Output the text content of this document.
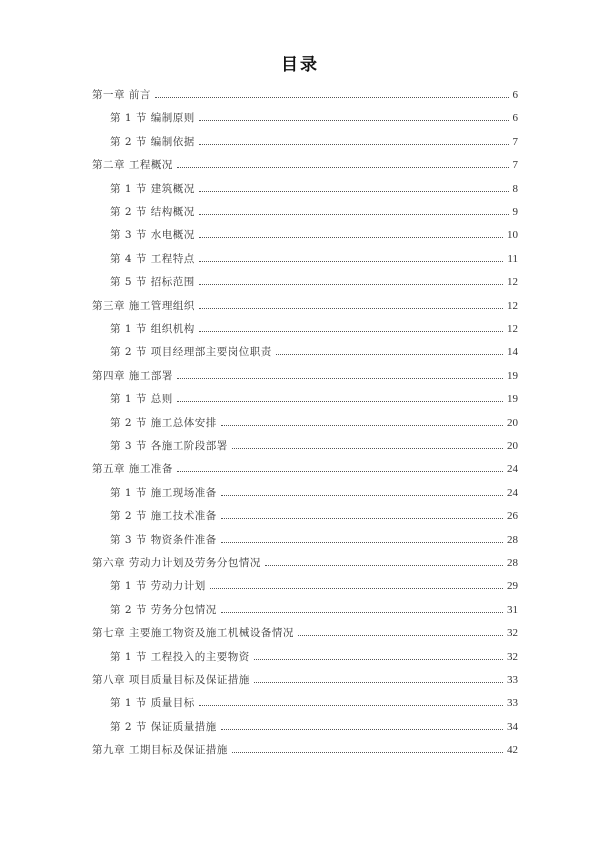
目录
第一章 前言	6
第 1 节 编制原则	6
第 2 节 编制依据	7
第二章 工程概况	7
第 1 节 建筑概况	8
第 2 节 结构概况	9
第 3 节 水电概况	10
第 4 节 工程特点	11
第 5 节 招标范围	12
第三章 施工管理组织	12
第 1 节 组织机构	12
第 2 节 项目经理部主要岗位职责	14
第四章 施工部署	19
第 1 节 总则	19
第 2 节 施工总体安排	20
第 3 节 各施工阶段部署	20
第五章 施工准备	24
第 1 节 施工现场准备	24
第 2 节 施工技术准备	26
第 3 节 物资条件准备	28
第六章 劳动力计划及劳务分包情况	28
第 1 节 劳动力计划	29
第 2 节 劳务分包情况	31
第七章 主要施工物资及施工机械设备情况	32
第 1 节 工程投入的主要物资	32
第八章 项目质量目标及保证措施	33
第 1 节 质量目标	33
第 2 节 保证质量措施	34
第九章 工期目标及保证措施	42
